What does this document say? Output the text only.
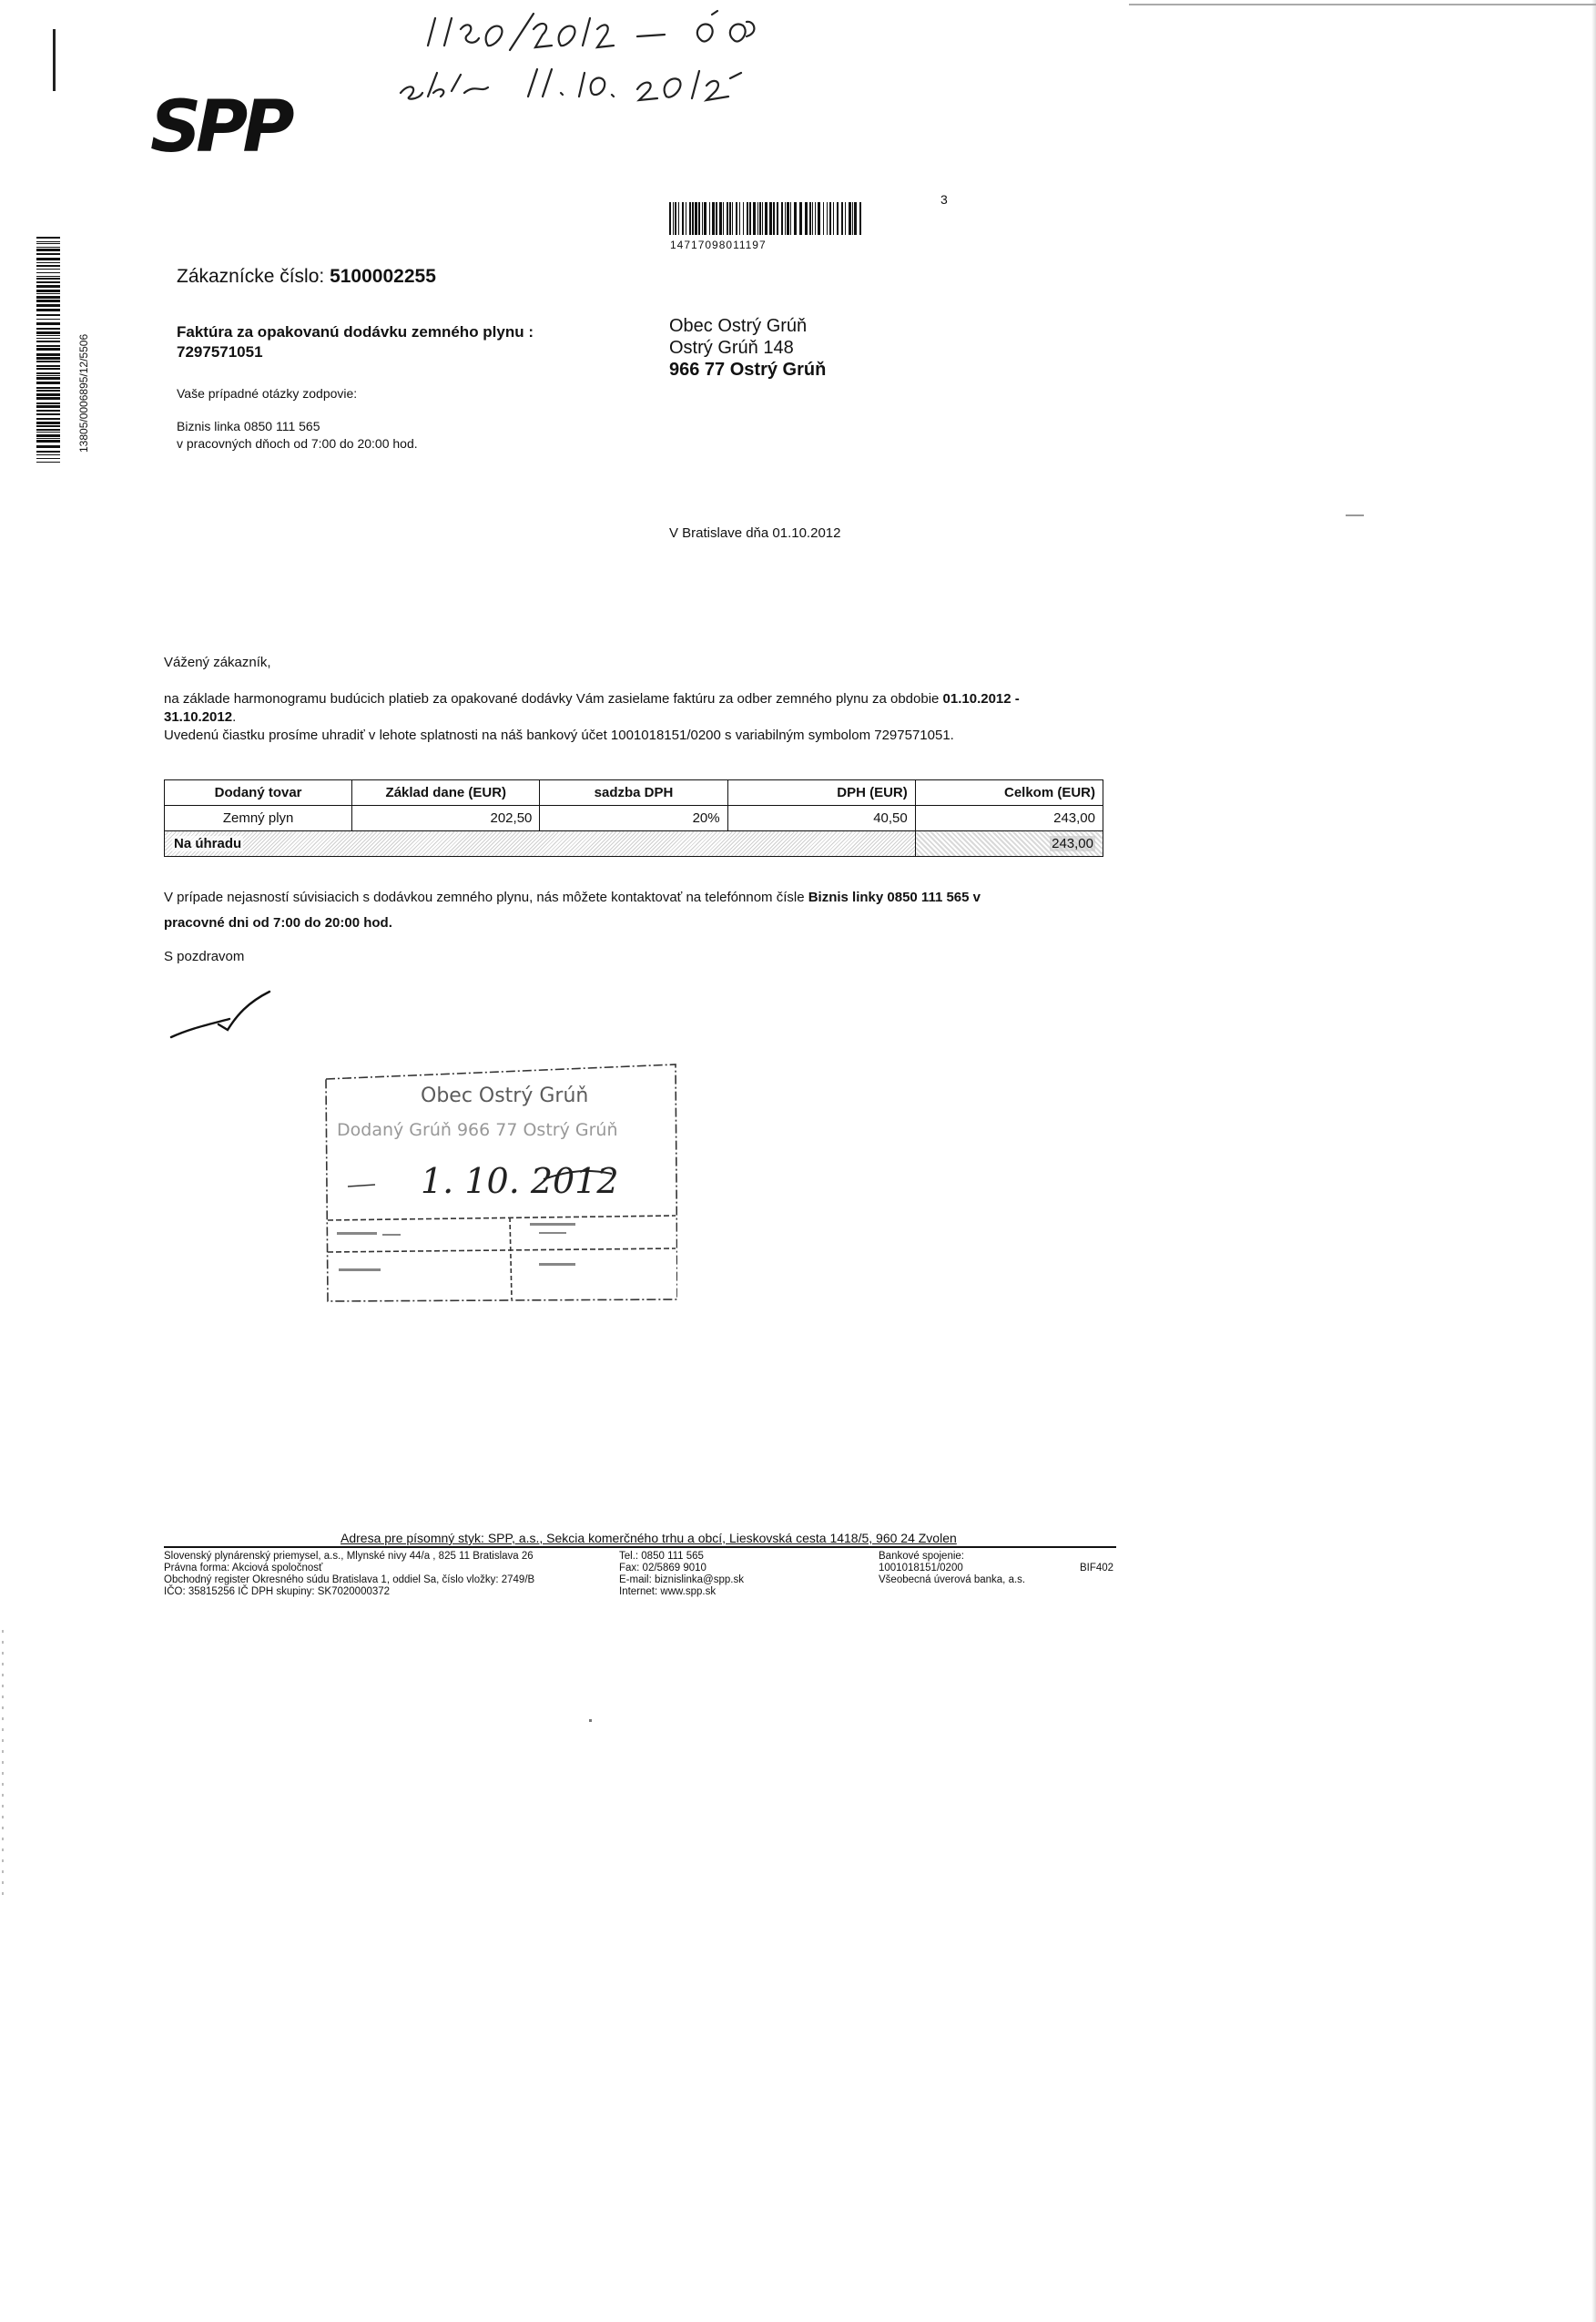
SPP
3
14717098011197
13805/0006895/12/5506
Zákaznícke číslo: 5100002255
Faktúra za opakovanú dodávku zemného plynu :
7297571051
Vaše prípadné otázky zodpovie:
Biznis linka 0850 111 565
v pracovných dňoch od 7:00 do 20:00 hod.
Obec Ostrý Grúň
Ostrý Grúň 148
966 77 Ostrý Grúň
V Bratislave dňa 01.10.2012
Vážený zákazník,
na základe harmonogramu budúcich platieb za opakované dodávky Vám zasielame faktúru za odber zemného plynu za obdobie 01.10.2012 -
31.10.2012.
Uvedenú čiastku prosíme uhradiť v lehote splatnosti na náš bankový účet 1001018151/0200 s variabilným symbolom 7297571051.
Dodaný tovar	Základ dane (EUR)	sadzba DPH	DPH (EUR)	Celkom (EUR)
Zemný plyn	202,50	20%	40,50	243,00
Na úhradu				243,00
V prípade nejasností súvisiacich s dodávkou zemného plynu, nás môžete kontaktovať na telefónnom čísle Biznis linky 0850 111 565 v
pracovné dni od 7:00 do 20:00 hod.
S pozdravom
Obec Ostrý Grúň
Dodaný Grúň 966 77 Ostrý Grúň
1. 10. 2012
Adresa pre písomný styk: SPP, a.s., Sekcia komerčného trhu a obcí, Lieskovská cesta 1418/5, 960 24 Zvolen
Slovenský plynárenský priemysel, a.s., Mlynské nivy 44/a , 825 11 Bratislava 26
Právna forma: Akciová spoločnosť
Obchodný register Okresného súdu Bratislava 1, oddiel Sa, číslo vložky: 2749/B
IČO: 35815256 IČ DPH skupiny: SK7020000372
Tel.: 0850 111 565
Fax: 02/5869 9010
E-mail: biznislinka@spp.sk
Internet: www.spp.sk
Bankové spojenie:
1001018151/0200
Všeobecná úverová banka, a.s.
BIF402
